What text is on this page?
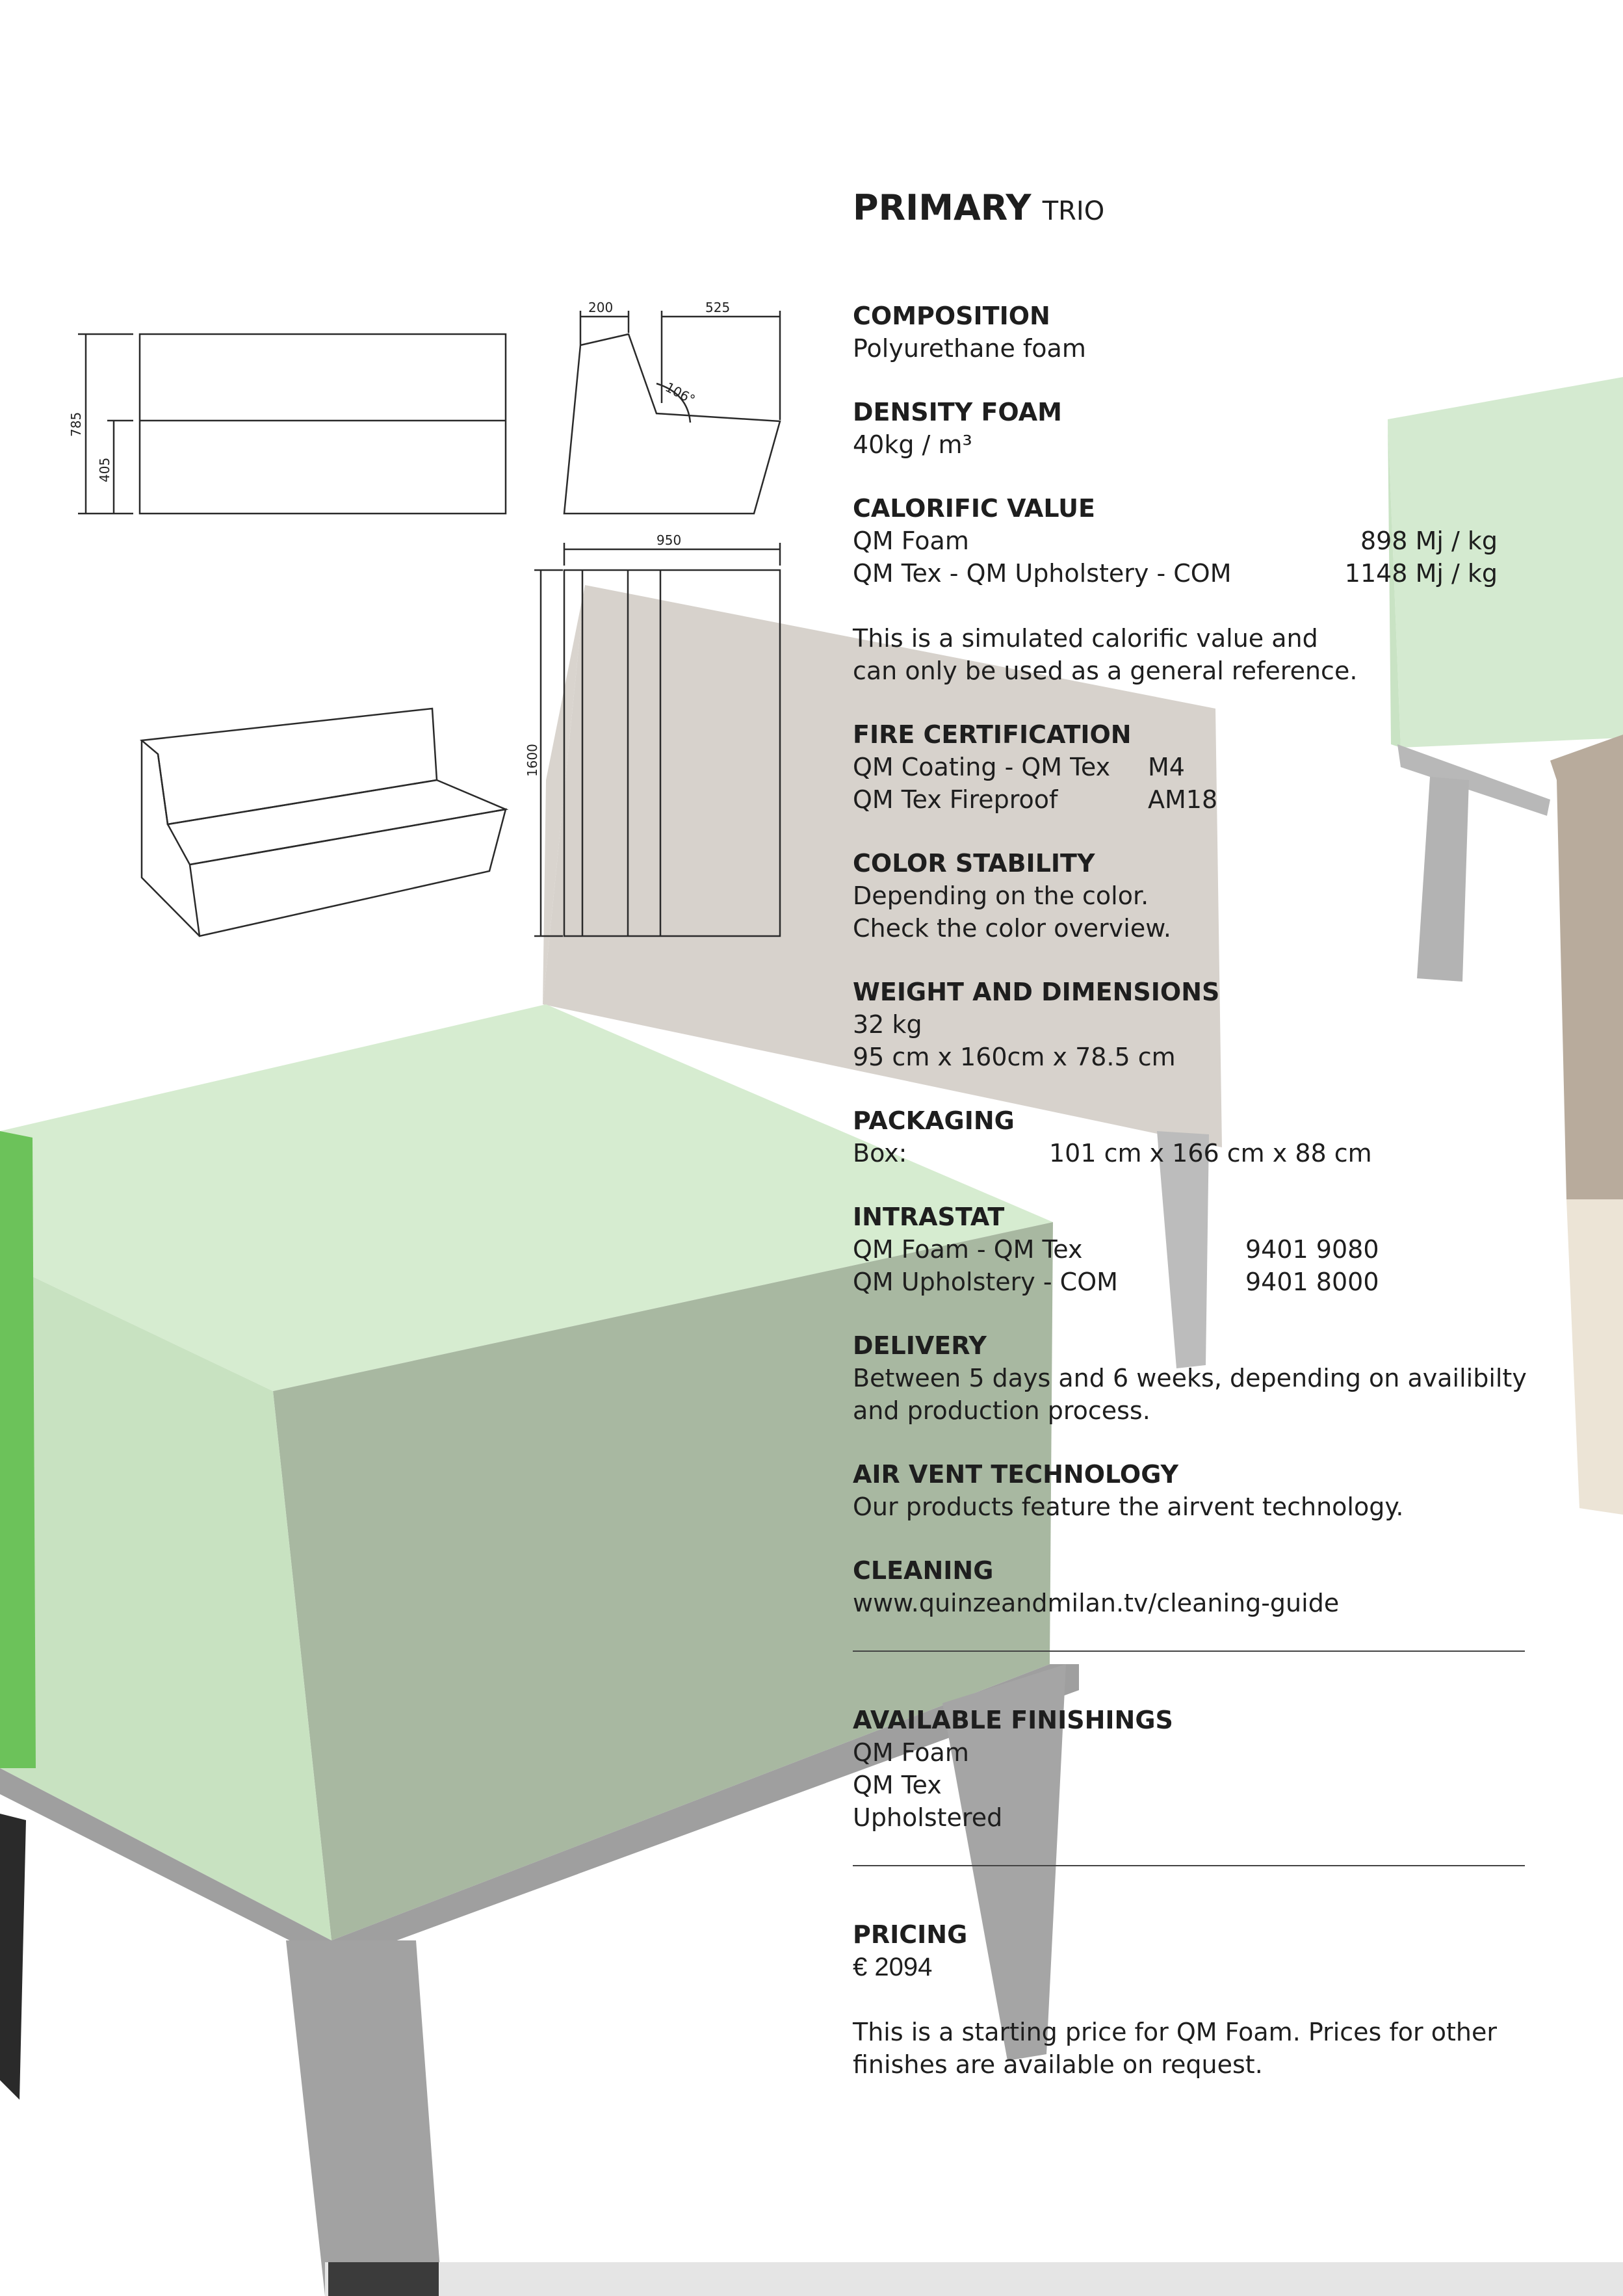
785
405
200	525
106°
950
1600
PRIMARY TRIO
COMPOSITION
Polyurethane foam
DENSITY FOAM
40kg / m³
CALORIFIC VALUE
QM Foam	898 Mj / kg
QM Tex - QM Upholstery - COM	1148 Mj / kg
This is a simulated calorific value and
can only be used as a general reference.
FIRE CERTIFICATION
QM Coating - QM Tex M4
QM Tex Fireproof	AM18
COLOR STABILITY
Depending on the color.
Check the color overview.
WEIGHT AND DIMENSIONS
32 kg
95 cm x 160cm x 78.5 cm
PACKAGING
Box:	101 cm x 166 cm x 88 cm
INTRASTAT
QM Foam - QM Tex	9401 9080
QM Upholstery - COM	9401 8000
DELIVERY
Between 5 days and 6 weeks, depending on availibilty
and production process.
AIR VENT TECHNOLOGY
Our products feature the airvent technology.
CLEANING
www.quinzeandmilan.tv/cleaning-guide
AVAILABLE FINISHINGS
QM Foam
QM Tex
Upholstered
PRICING
€ 2094
This is a starting price for QM Foam. Prices for other
finishes are available on request.
